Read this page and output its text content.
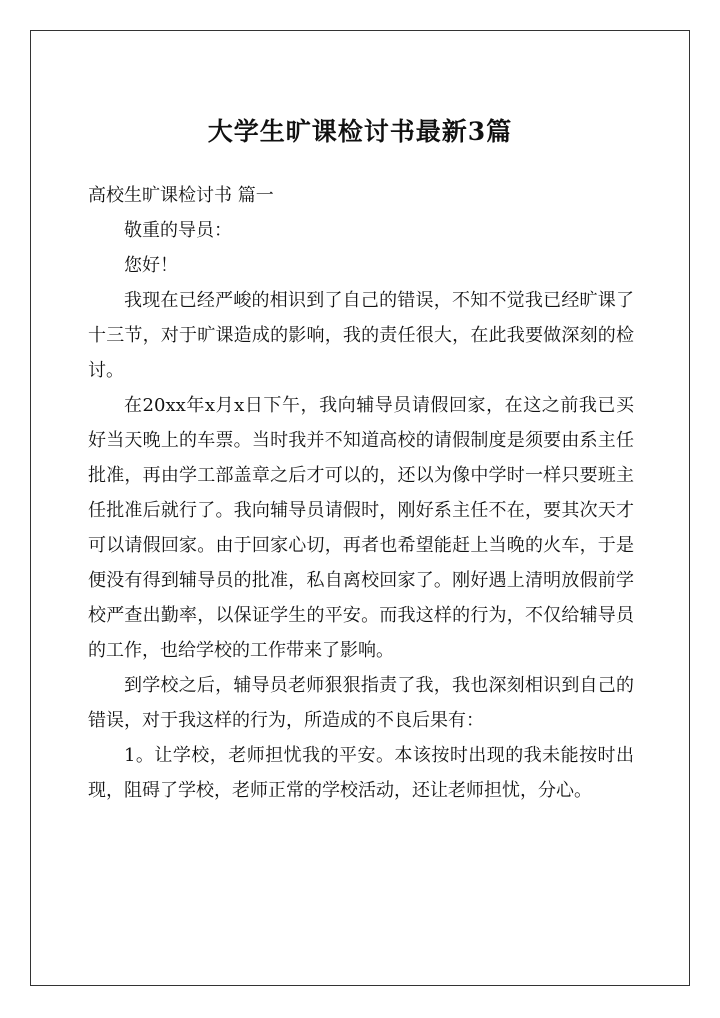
大学生旷课检讨书最新3篇

高校生旷课检讨书 篇一

敬重的导员：

您好！

我现在已经严峻的相识到了自己的错误，不知不觉我已经旷课了十三节，对于旷课造成的影响，我的责任很大，在此我要做深刻的检讨。

在20xx年x月x日下午，我向辅导员请假回家，在这之前我已买好当天晚上的车票。当时我并不知道高校的请假制度是须要由系主任批准，再由学工部盖章之后才可以的，还以为像中学时一样只要班主任批准后就行了。我向辅导员请假时，刚好系主任不在，要其次天才可以请假回家。由于回家心切，再者也希望能赶上当晚的火车，于是便没有得到辅导员的批准，私自离校回家了。刚好遇上清明放假前学校严查出勤率，以保证学生的平安。而我这样的行为，不仅给辅导员的工作，也给学校的工作带来了影响。

到学校之后，辅导员老师狠狠指责了我，我也深刻相识到自己的错误，对于我这样的行为，所造成的不良后果有：

1。让学校，老师担忧我的平安。本该按时出现的我未能按时出现，阻碍了学校，老师正常的学校活动，还让老师担忧，分心。
